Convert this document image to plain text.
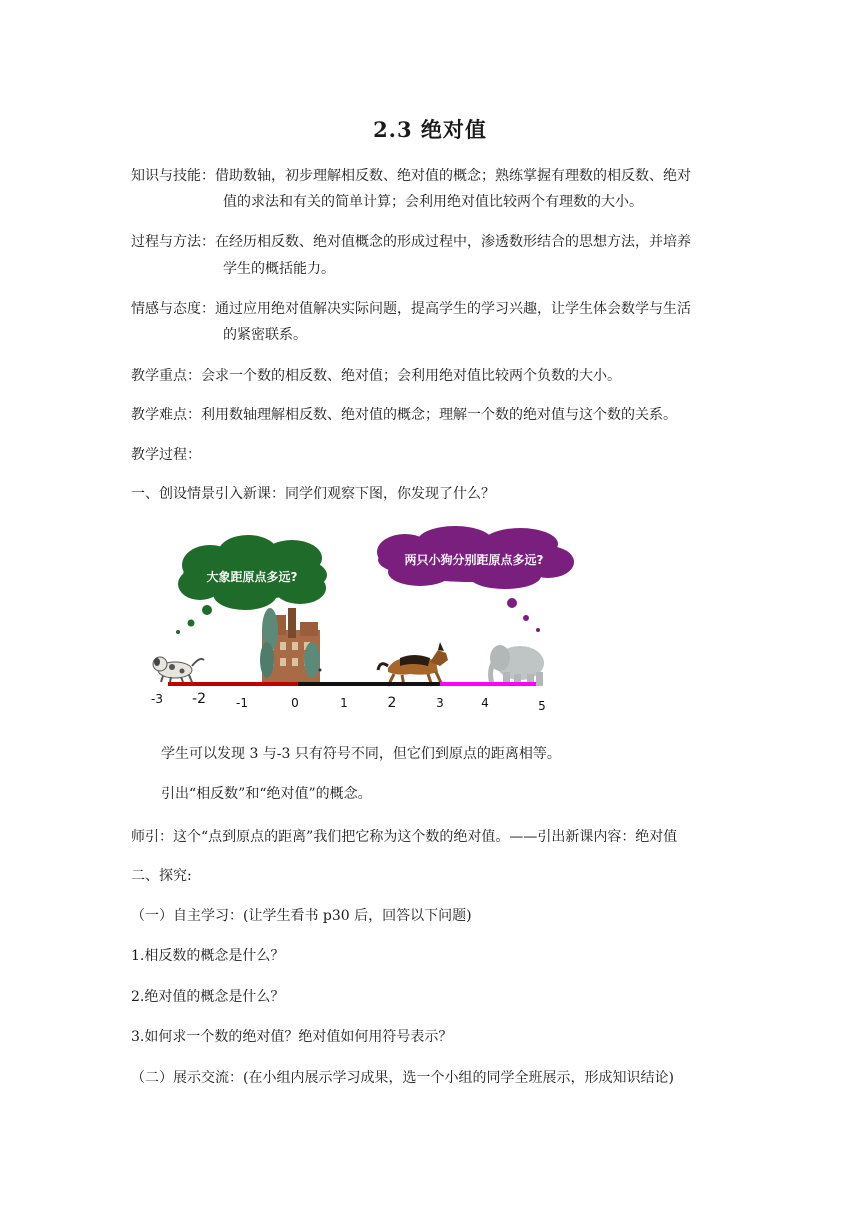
2.3 绝对值
知识与技能：借助数轴，初步理解相反数、绝对值的概念；熟练掌握有理数的相反数、绝对
值的求法和有关的简单计算；会利用绝对值比较两个有理数的大小。
过程与方法：在经历相反数、绝对值概念的形成过程中，渗透数形结合的思想方法，并培养
学生的概括能力。
情感与态度：通过应用绝对值解决实际问题，提高学生的学习兴趣，让学生体会数学与生活
的紧密联系。
教学重点：会求一个数的相反数、绝对值；会利用绝对值比较两个负数的大小。
教学难点：利用数轴理解相反数、绝对值的概念；理解一个数的绝对值与这个数的关系。
教学过程：
一、创设情景引入新课：同学们观察下图，你发现了什么？
大象距原点多远?
两只小狗分别距原点多远?
-3 -2	-1	0	1	2	3	4	5
学生可以发现 3 与-3 只有符号不同，但它们到原点的距离相等。
引出“相反数”和“绝对值”的概念。
师引：这个“点到原点的距离”我们把它称为这个数的绝对值。——引出新课内容：绝对值
二、探究:
（一）自主学习：(让学生看书 p30 后，回答以下问题)
1.相反数的概念是什么？
2.绝对值的概念是什么？
3.如何求一个数的绝对值？绝对值如何用符号表示？
（二）展示交流：(在小组内展示学习成果，选一个小组的同学全班展示，形成知识结论)
